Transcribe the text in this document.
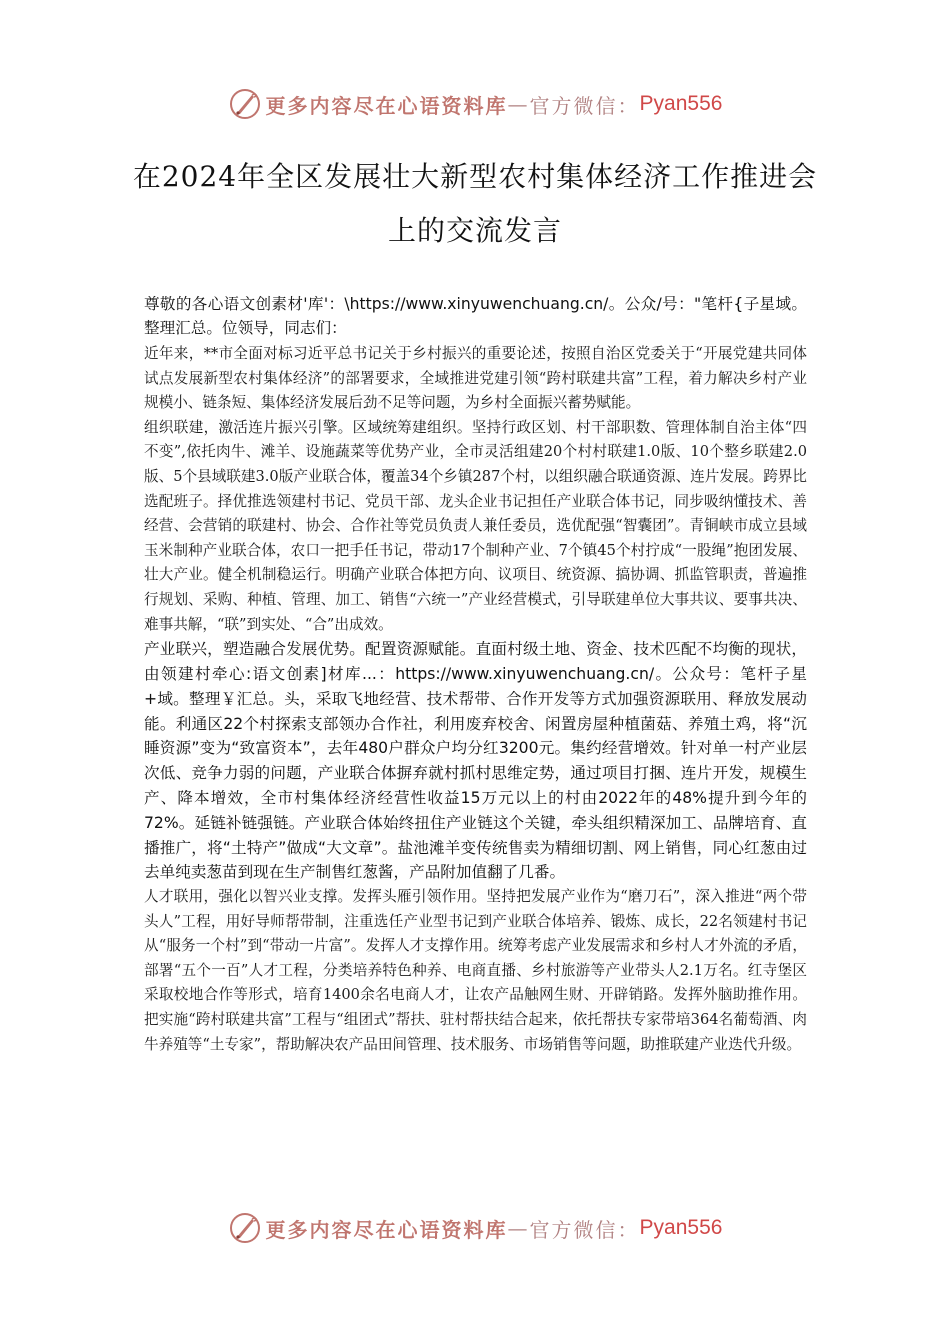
更多内容尽在心语资料库 — 官方微信： Pyan556
在2024年全区发展壮大新型农村集体经济工作推进会上的交流发言

尊敬的各心语文创素材'库'：\https://www.xinyuwenchuang.cn/。公众/号："笔杆{子星域。整理汇总。位领导，同志们：

近年来，**市全面对标习近平总书记关于乡村振兴的重要论述，按照自治区党委关于“开展党建共同体试点发展新型农村集体经济”的部署要求，全域推进党建引领“跨村联建共富”工程，着力解决乡村产业规模小、链条短、集体经济发展后劲不足等问题，为乡村全面振兴蓄势赋能。

组织联建，激活连片振兴引擎。区域统筹建组织。坚持行政区划、村干部职数、管理体制自治主体“四不变”,依托肉牛、滩羊、设施蔬菜等优势产业，全市灵活组建20个村村联建1.0版、10个整乡联建2.0版、5个县域联建3.0版产业联合体，覆盖34个乡镇287个村，以组织融合联通资源、连片发展。跨界比选配班子。择优推选领建村书记、党员干部、龙头企业书记担任产业联合体书记，同步吸纳懂技术、善经营、会营销的联建村、协会、合作社等党员负责人兼任委员，选优配强“智囊团”。青铜峡市成立县域玉米制种产业联合体，农口一把手任书记，带动17个制种产业、7个镇45个村拧成“一股绳”抱团发展、壮大产业。健全机制稳运行。明确产业联合体把方向、议项目、统资源、搞协调、抓监管职责，普遍推行规划、采购、种植、管理、加工、销售“六统一”产业经营模式，引导联建单位大事共议、要事共决、难事共解，“联”到实处、“合”出成效。

产业联兴，塑造融合发展优势。配置资源赋能。直面村级土地、资金、技术匹配不均衡的现状，由领建村牵心:语文创素]材库...：https://www.xinyuwenchuang.cn/。公众号：笔杆子星+域。整理￥汇总。头，采取飞地经营、技术帮带、合作开发等方式加强资源联用、释放发展动能。利通区22个村探索支部领办合作社，利用废弃校舍、闲置房屋种植菌菇、养殖土鸡，将“沉睡资源”变为“致富资本”，去年480户群众户均分红3200元。集约经营增效。针对单一村产业层次低、竞争力弱的问题，产业联合体摒弃就村抓村思维定势，通过项目打捆、连片开发，规模生产、降本增效，全市村集体经济经营性收益15万元以上的村由2022年的48%提升到今年的72%。延链补链强链。产业联合体始终扭住产业链这个关键，牵头组织精深加工、品牌培育、直播推广，将“土特产”做成“大文章”。盐池滩羊变传统售卖为精细切割、网上销售，同心红葱由过去单纯卖葱苗到现在生产制售红葱酱，产品附加值翻了几番。

人才联用，强化以智兴业支撑。发挥头雁引领作用。坚持把发展产业作为“磨刀石”，深入推进“两个带头人”工程，用好导师帮带制，注重选任产业型书记到产业联合体培养、锻炼、成长，22名领建村书记从“服务一个村”到“带动一片富”。发挥人才支撑作用。统筹考虑产业发展需求和乡村人才外流的矛盾，部署“五个一百”人才工程，分类培养特色种养、电商直播、乡村旅游等产业带头人2.1万名。红寺堡区采取校地合作等形式，培育1400余名电商人才，让农产品触网生财、开辟销路。发挥外脑助推作用。把实施“跨村联建共富”工程与“组团式”帮扶、驻村帮扶结合起来，依托帮扶专家带培364名葡萄酒、肉牛养殖等“土专家”，帮助解决农产品田间管理、技术服务、市场销售等问题，助推联建产业迭代升级。

更多内容尽在心语资料库 — 官方微信： Pyan556
